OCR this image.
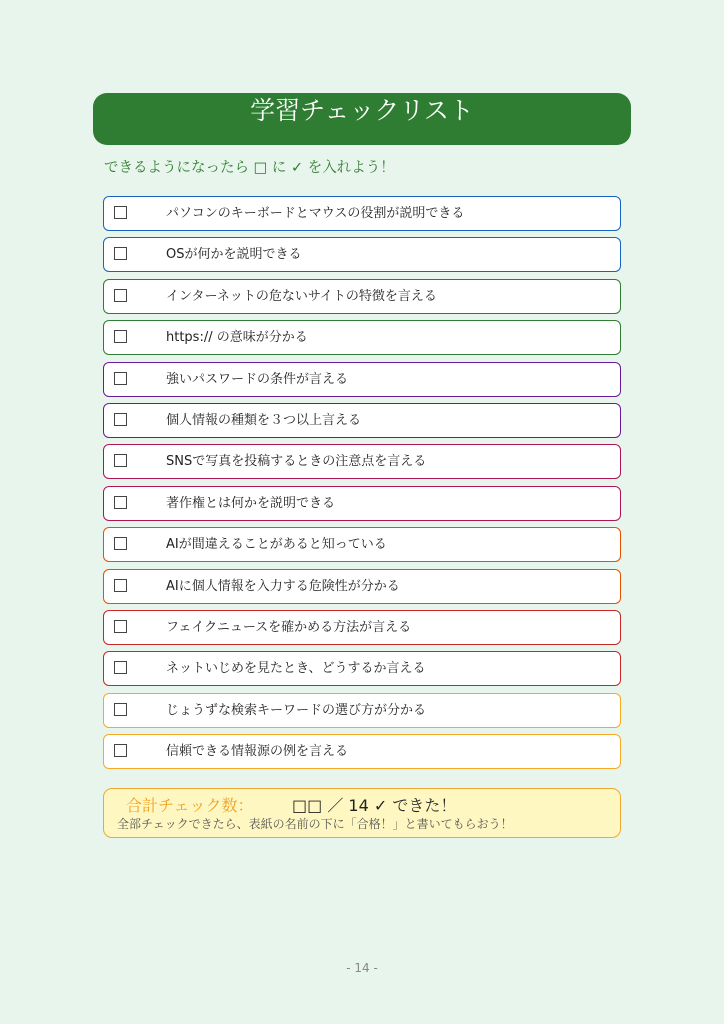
学習チェックリスト
できるようになったら □ に ✓ を入れよう！
パソコンのキーボードとマウスの役割が説明できる
OSが何かを説明できる
インターネットの危ないサイトの特徴を言える
https:// の意味が分かる
強いパスワードの条件が言える
個人情報の種類を３つ以上言える
SNSで写真を投稿するときの注意点を言える
著作権とは何かを説明できる
AIが間違えることがあると知っている
AIに個人情報を入力する危険性が分かる
フェイクニュースを確かめる方法が言える
ネットいじめを見たとき、どうするか言える
じょうずな検索キーワードの選び方が分かる
信頼できる情報源の例を言える
合計チェック数： □□ ／ 14 ✓ できた！
全部チェックできたら、表紙の名前の下に「合格！」と書いてもらおう！
- 14 -
